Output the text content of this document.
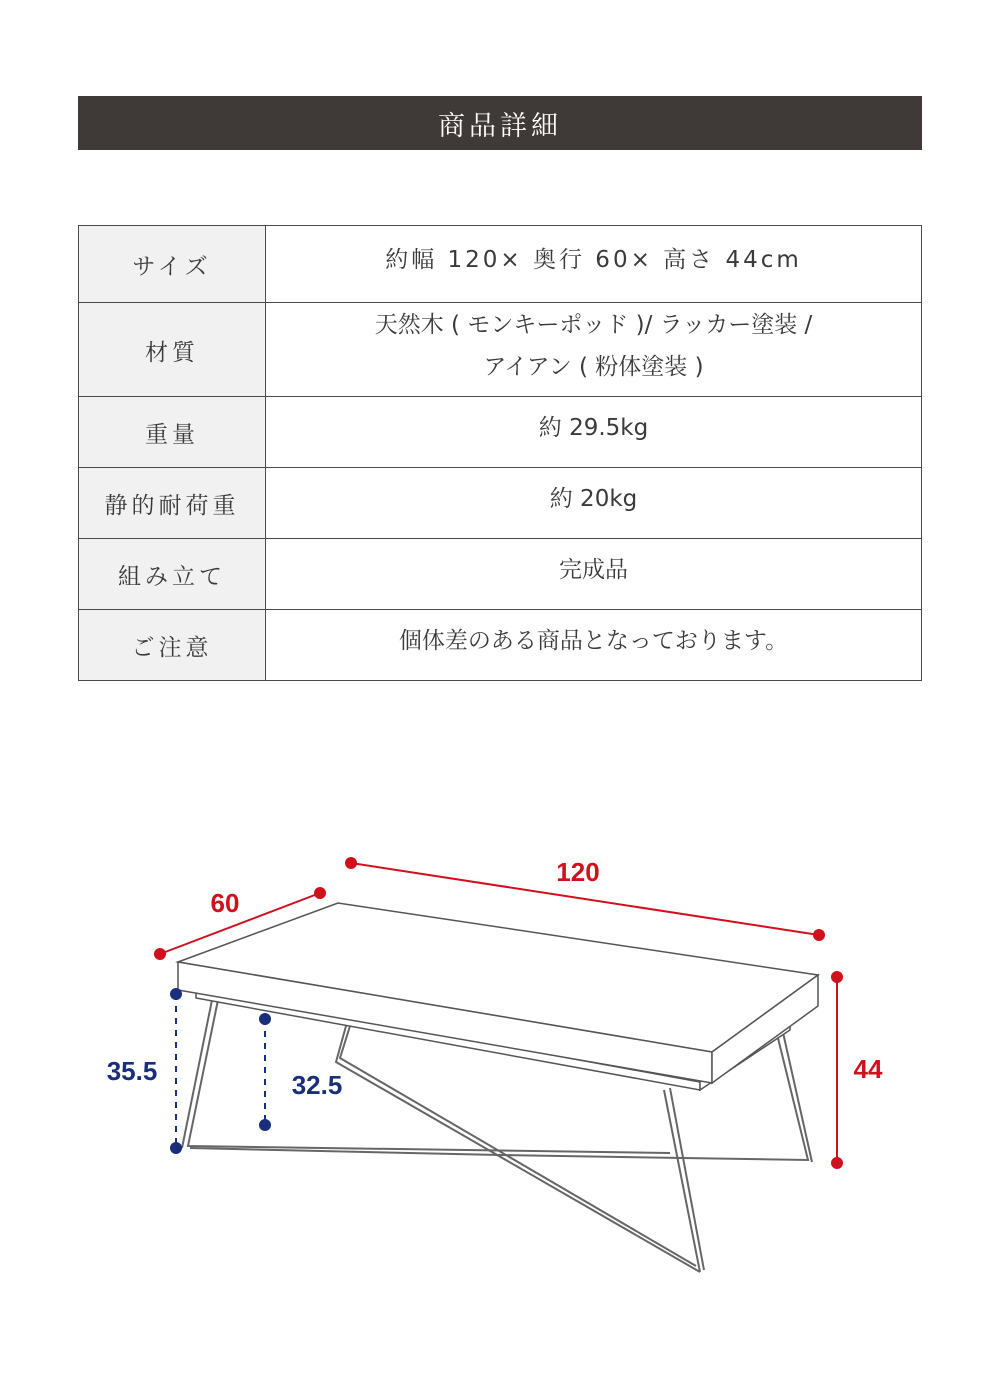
商品詳細
サイズ	約幅 120× 奥行 60× 高さ 44cm

材質	天然木 ( モンキーポッド )/ ラッカー塗装 /
アイアン ( 粉体塗装 )

重量	約 29.5kg

静的耐荷重	約 20kg

組み立て	完成品

ご注意	個体差のある商品となっております。
60
120
44
35.5	32.5
